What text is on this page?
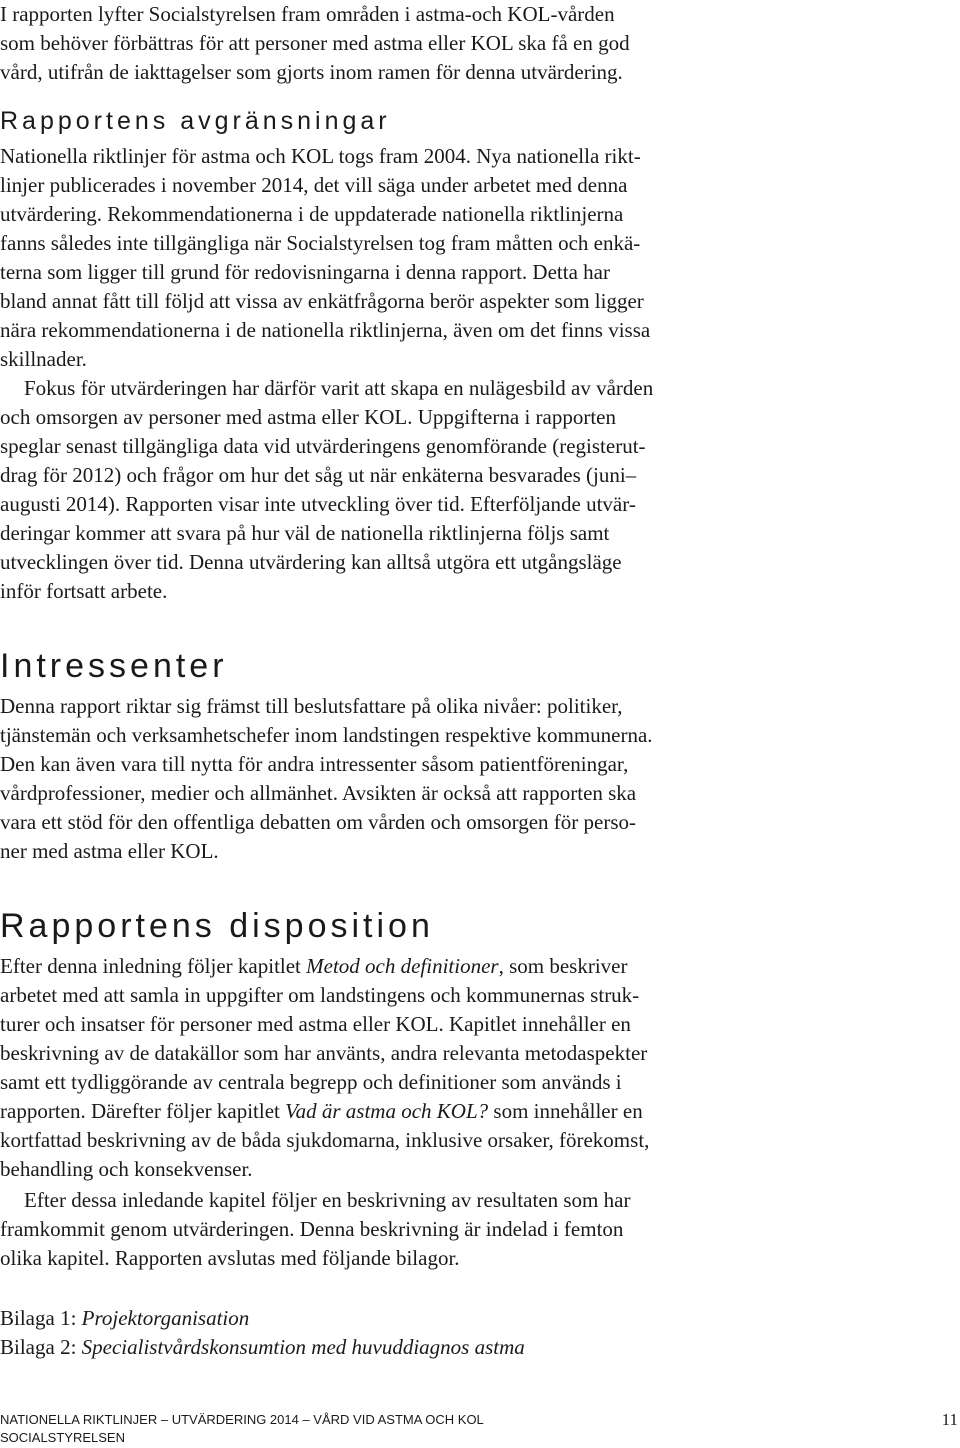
I rapporten lyfter Socialstyrelsen fram områden i astma-och KOL-vården
som behöver förbättras för att personer med astma eller KOL ska få en god
vård, utifrån de iakttagelser som gjorts inom ramen för denna utvärdering.
Rapportens avgränsningar
Nationella riktlinjer för astma och KOL togs fram 2004. Nya nationella rikt-
linjer publicerades i november 2014, det vill säga under arbetet med denna
utvärdering. Rekommendationerna i de uppdaterade nationella riktlinjerna
fanns således inte tillgängliga när Socialstyrelsen tog fram måtten och enkä-
terna som ligger till grund för redovisningarna i denna rapport. Detta har
bland annat fått till följd att vissa av enkätfrågorna berör aspekter som ligger
nära rekommendationerna i de nationella riktlinjerna, även om det finns vissa
skillnader.
Fokus för utvärderingen har därför varit att skapa en nulägesbild av vården
och omsorgen av personer med astma eller KOL. Uppgifterna i rapporten
speglar senast tillgängliga data vid utvärderingens genomförande (registerut-
drag för 2012) och frågor om hur det såg ut när enkäterna besvarades (juni–
augusti 2014). Rapporten visar inte utveckling över tid. Efterföljande utvär-
deringar kommer att svara på hur väl de nationella riktlinjerna följs samt
utvecklingen över tid. Denna utvärdering kan alltså utgöra ett utgångsläge
inför fortsatt arbete.
Intressenter
Denna rapport riktar sig främst till beslutsfattare på olika nivåer: politiker,
tjänstemän och verksamhetschefer inom landstingen respektive kommunerna.
Den kan även vara till nytta för andra intressenter såsom patientföreningar,
vårdprofessioner, medier och allmänhet. Avsikten är också att rapporten ska
vara ett stöd för den offentliga debatten om vården och omsorgen för perso-
ner med astma eller KOL.
Rapportens disposition
Efter denna inledning följer kapitlet Metod och definitioner, som beskriver
arbetet med att samla in uppgifter om landstingens och kommunernas struk-
turer och insatser för personer med astma eller KOL. Kapitlet innehåller en
beskrivning av de datakällor som har använts, andra relevanta metodaspekter
samt ett tydliggörande av centrala begrepp och definitioner som används i
rapporten. Därefter följer kapitlet Vad är astma och KOL? som innehåller en
kortfattad beskrivning av de båda sjukdomarna, inklusive orsaker, förekomst,
behandling och konsekvenser.
Efter dessa inledande kapitel följer en beskrivning av resultaten som har
framkommit genom utvärderingen. Denna beskrivning är indelad i femton
olika kapitel. Rapporten avslutas med följande bilagor.
Bilaga 1: Projektorganisation
Bilaga 2: Specialistvårdskonsumtion med huvuddiagnos astma
NATIONELLA RIKTLINJER – UTVÄRDERING 2014 – VÅRD VID ASTMA OCH KOL
SOCIALSTYRELSEN
11
